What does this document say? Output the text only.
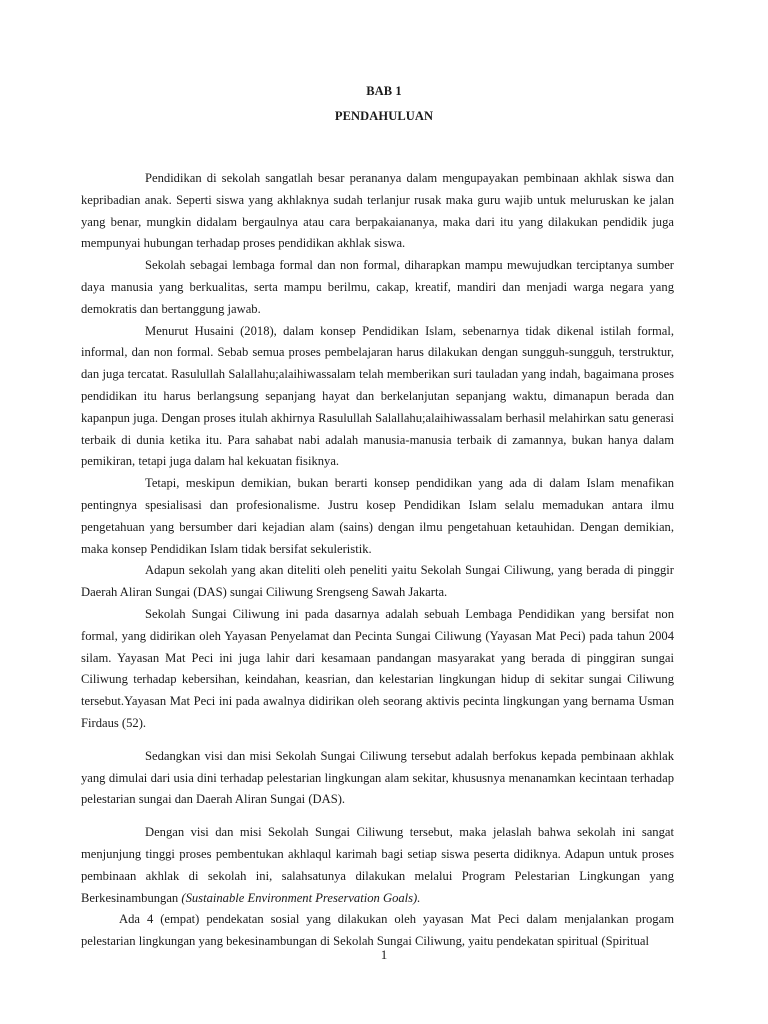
BAB 1
PENDAHULUAN

Pendidikan di sekolah sangatlah besar perananya dalam mengupayakan pembinaan akhlak siswa dan kepribadian anak. Seperti siswa yang akhlaknya sudah terlanjur rusak maka guru wajib untuk meluruskan ke jalan yang benar, mungkin didalam bergaulnya atau cara berpakaiananya, maka dari itu yang dilakukan pendidik juga mempunyai hubungan terhadap proses pendidikan akhlak siswa.

Sekolah sebagai lembaga formal dan non formal, diharapkan mampu mewujudkan terciptanya sumber daya manusia yang berkualitas, serta mampu berilmu, cakap, kreatif, mandiri dan menjadi warga negara yang demokratis dan bertanggung jawab.

Menurut Husaini (2018), dalam konsep Pendidikan Islam, sebenarnya tidak dikenal istilah formal, informal, dan non formal. Sebab semua proses pembelajaran harus dilakukan dengan sungguh-sungguh, terstruktur, dan juga tercatat. Rasulullah Salallahu;alaihiwassalam telah memberikan suri tauladan yang indah, bagaimana proses pendidikan itu harus berlangsung sepanjang hayat dan berkelanjutan sepanjang waktu, dimanapun berada dan kapanpun juga. Dengan proses itulah akhirnya Rasulullah Salallahu;alaihiwassalam berhasil melahirkan satu generasi terbaik di dunia ketika itu. Para sahabat nabi adalah manusia-manusia terbaik di zamannya, bukan hanya dalam pemikiran, tetapi juga dalam hal kekuatan fisiknya.

Tetapi, meskipun demikian, bukan berarti konsep pendidikan yang ada di dalam Islam menafikan pentingnya spesialisasi dan profesionalisme. Justru kosep Pendidikan Islam selalu memadukan antara ilmu pengetahuan yang bersumber dari kejadian alam (sains) dengan ilmu pengetahuan ketauhidan. Dengan demikian, maka konsep Pendidikan Islam tidak bersifat sekuleristik.

Adapun sekolah yang akan diteliti oleh peneliti yaitu Sekolah Sungai Ciliwung, yang berada di pinggir Daerah Aliran Sungai (DAS) sungai Ciliwung Srengseng Sawah Jakarta.

Sekolah Sungai Ciliwung ini pada dasarnya adalah sebuah Lembaga Pendidikan yang bersifat non formal, yang didirikan oleh Yayasan Penyelamat dan Pecinta Sungai Ciliwung (Yayasan Mat Peci) pada tahun 2004 silam. Yayasan Mat Peci ini juga lahir dari kesamaan pandangan masyarakat yang berada di pinggiran sungai Ciliwung terhadap kebersihan, keindahan, keasrian, dan kelestarian lingkungan hidup di sekitar sungai Ciliwung tersebut.Yayasan Mat Peci ini pada awalnya didirikan oleh seorang aktivis pecinta lingkungan yang bernama Usman Firdaus (52).

Sedangkan visi dan misi Sekolah Sungai Ciliwung tersebut adalah berfokus kepada pembinaan akhlak yang dimulai dari usia dini terhadap pelestarian lingkungan alam sekitar, khususnya menanamkan kecintaan terhadap pelestarian sungai dan Daerah Aliran Sungai (DAS).

Dengan visi dan misi Sekolah Sungai Ciliwung tersebut, maka jelaslah bahwa sekolah ini sangat menjunjung tinggi proses pembentukan akhlaqul karimah bagi setiap siswa peserta didiknya. Adapun untuk proses pembinaan akhlak di sekolah ini, salahsatunya dilakukan melalui Program Pelestarian Lingkungan yang Berkesinambungan (Sustainable Environment Preservation Goals).

Ada 4 (empat) pendekatan sosial yang dilakukan oleh yayasan Mat Peci dalam menjalankan progam pelestarian lingkungan yang bekesinambungan di Sekolah Sungai Ciliwung, yaitu pendekatan spiritual (Spiritual

1
